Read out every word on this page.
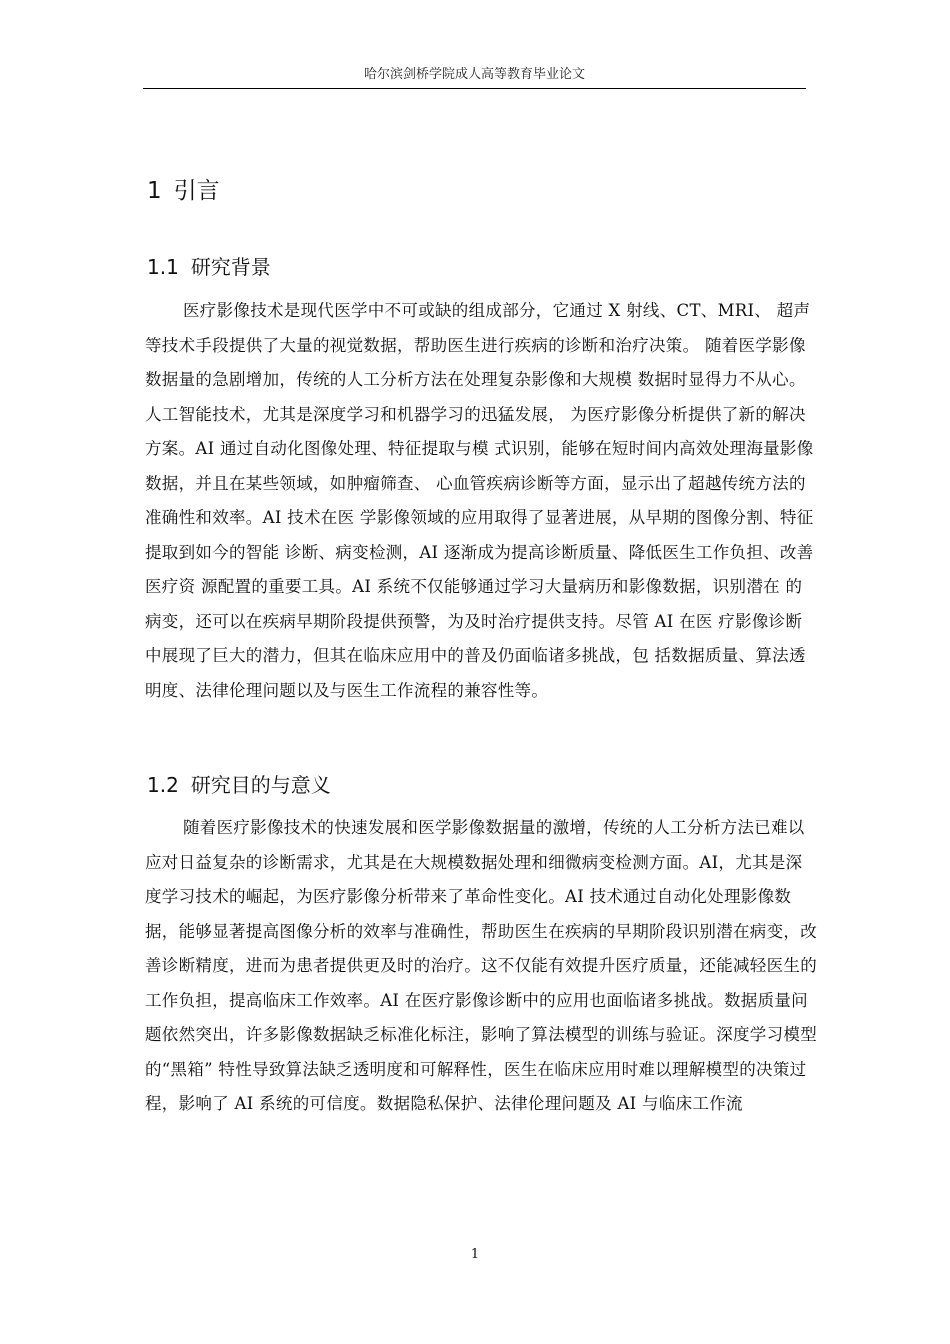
哈尔滨剑桥学院成人高等教育毕业论文
1 引言
1.1 研究背景

医疗影像技术是现代医学中不可或缺的组成部分，它通过 X 射线、CT、MRI、 超声等技术手段提供了大量的视觉数据，帮助医生进行疾病的诊断和治疗决策。 随着医学影像数据量的急剧增加，传统的人工分析方法在处理复杂影像和大规模 数据时显得力不从心。人工智能技术，尤其是深度学习和机器学习的迅猛发展， 为医疗影像分析提供了新的解决方案。AI 通过自动化图像处理、特征提取与模 式识别，能够在短时间内高效处理海量影像数据，并且在某些领域，如肿瘤筛查、 心血管疾病诊断等方面，显示出了超越传统方法的准确性和效率。AI 技术在医 学影像领域的应用取得了显著进展，从早期的图像分割、特征提取到如今的智能 诊断、病变检测，AI 逐渐成为提高诊断质量、降低医生工作负担、改善医疗资 源配置的重要工具。AI 系统不仅能够通过学习大量病历和影像数据，识别潜在 的病变，还可以在疾病早期阶段提供预警，为及时治疗提供支持。尽管 AI 在医 疗影像诊断中展现了巨大的潜力，但其在临床应用中的普及仍面临诸多挑战，包 括数据质量、算法透明度、法律伦理问题以及与医生工作流程的兼容性等。

1.2 研究目的与意义

随着医疗影像技术的快速发展和医学影像数据量的激增，传统的人工分析方法已难以应对日益复杂的诊断需求，尤其是在大规模数据处理和细微病变检测方面。AI，尤其是深度学习技术的崛起，为医疗影像分析带来了革命性变化。AI 技术通过自动化处理影像数据，能够显著提高图像分析的效率与准确性，帮助医生在疾病的早期阶段识别潜在病变，改善诊断精度，进而为患者提供更及时的治疗。这不仅能有效提升医疗质量，还能减轻医生的工作负担，提高临床工作效率。AI 在医疗影像诊断中的应用也面临诸多挑战。数据质量问题依然突出，许多影像数据缺乏标准化标注，影响了算法模型的训练与验证。深度学习模型的“黑箱” 特性导致算法缺乏透明度和可解释性，医生在临床应用时难以理解模型的决策过 程，影响了 AI 系统的可信度。数据隐私保护、法律伦理问题及 AI 与临床工作流

1
